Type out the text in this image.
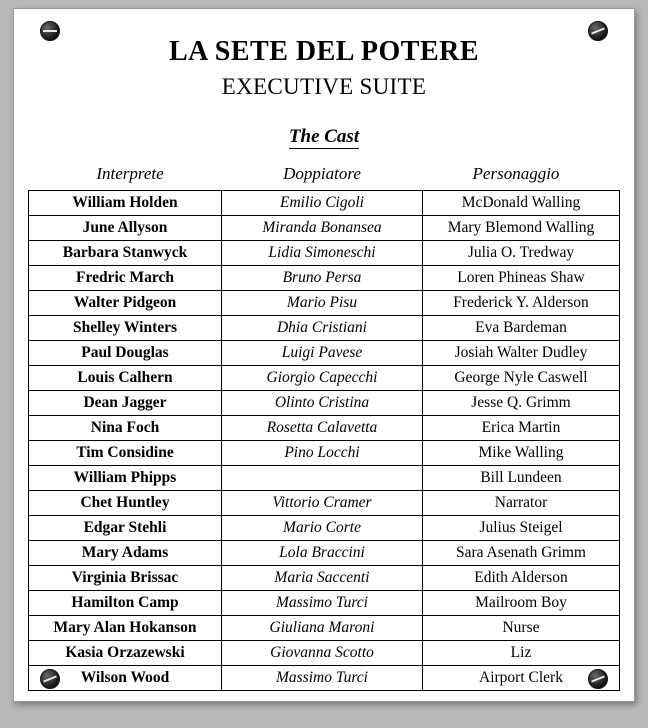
LA SETE DEL POTERE
EXECUTIVE SUITE
The Cast
Interprete	Doppiatore	Personaggio
William Holden	Emilio Cigoli	McDonald Walling
June Allyson	Miranda Bonansea	Mary Blemond Walling
Barbara Stanwyck	Lidia Simoneschi	Julia O. Tredway
Fredric March	Bruno Persa	Loren Phineas Shaw
Walter Pidgeon	Mario Pisu	Frederick Y. Alderson
Shelley Winters	Dhia Cristiani	Eva Bardeman
Paul Douglas	Luigi Pavese	Josiah Walter Dudley
Louis Calhern	Giorgio Capecchi	George Nyle Caswell
Dean Jagger	Olinto Cristina	Jesse Q. Grimm
Nina Foch	Rosetta Calavetta	Erica Martin
Tim Considine	Pino Locchi	Mike Walling
William Phipps		Bill Lundeen
Chet Huntley	Vittorio Cramer	Narrator
Edgar Stehli	Mario Corte	Julius Steigel
Mary Adams	Lola Braccini	Sara Asenath Grimm
Virginia Brissac	Maria Saccenti	Edith Alderson
Hamilton Camp	Massimo Turci	Mailroom Boy
Mary Alan Hokanson	Giuliana Maroni	Nurse
Kasia Orzazewski	Giovanna Scotto	Liz
Wilson Wood	Massimo Turci	Airport Clerk
